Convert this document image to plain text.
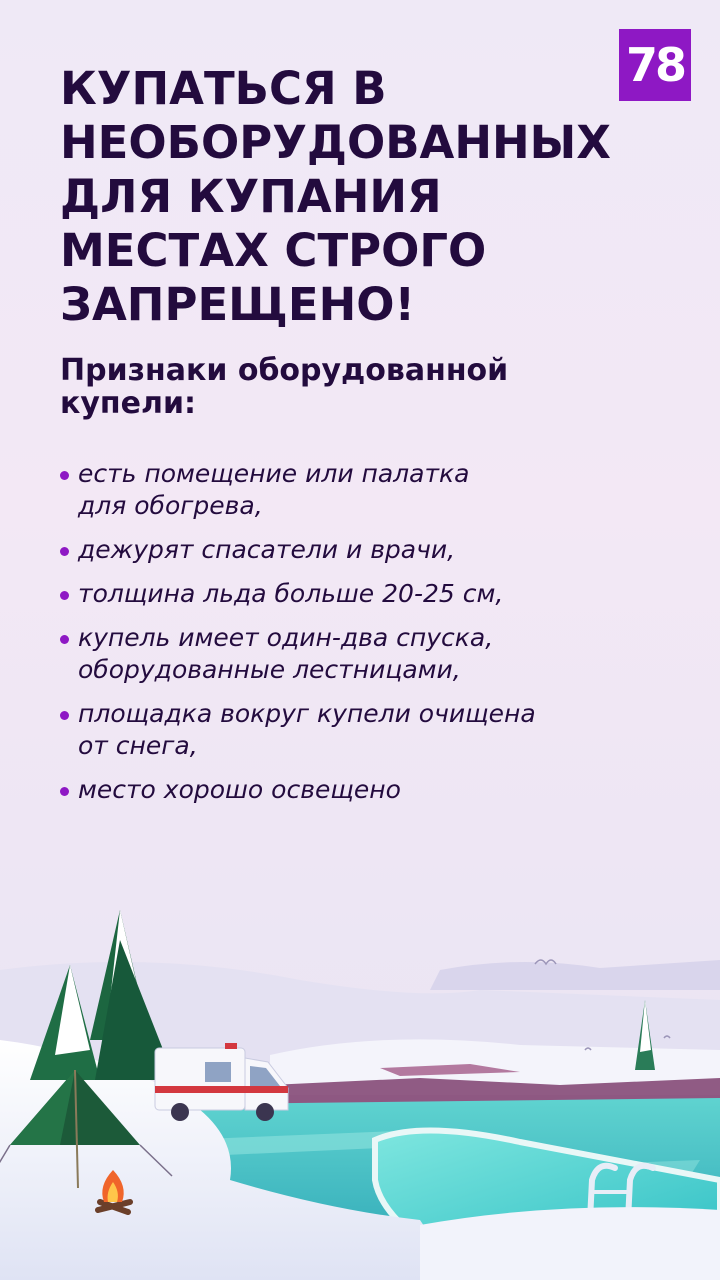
78
КУПАТЬСЯ В
НЕОБОРУДОВАННЫХ
ДЛЯ КУПАНИЯ
МЕСТАХ СТРОГО
ЗАПРЕЩЕНО!
Признаки оборудованной
купели:
есть помещение или палатка
для обогрева,
дежурят спасатели и врачи,
толщина льда больше 20-25 см,
купель имеет один-два спуска,
оборудованные лестницами,
площадка вокруг купели очищена
от снега,
место хорошо освещено
